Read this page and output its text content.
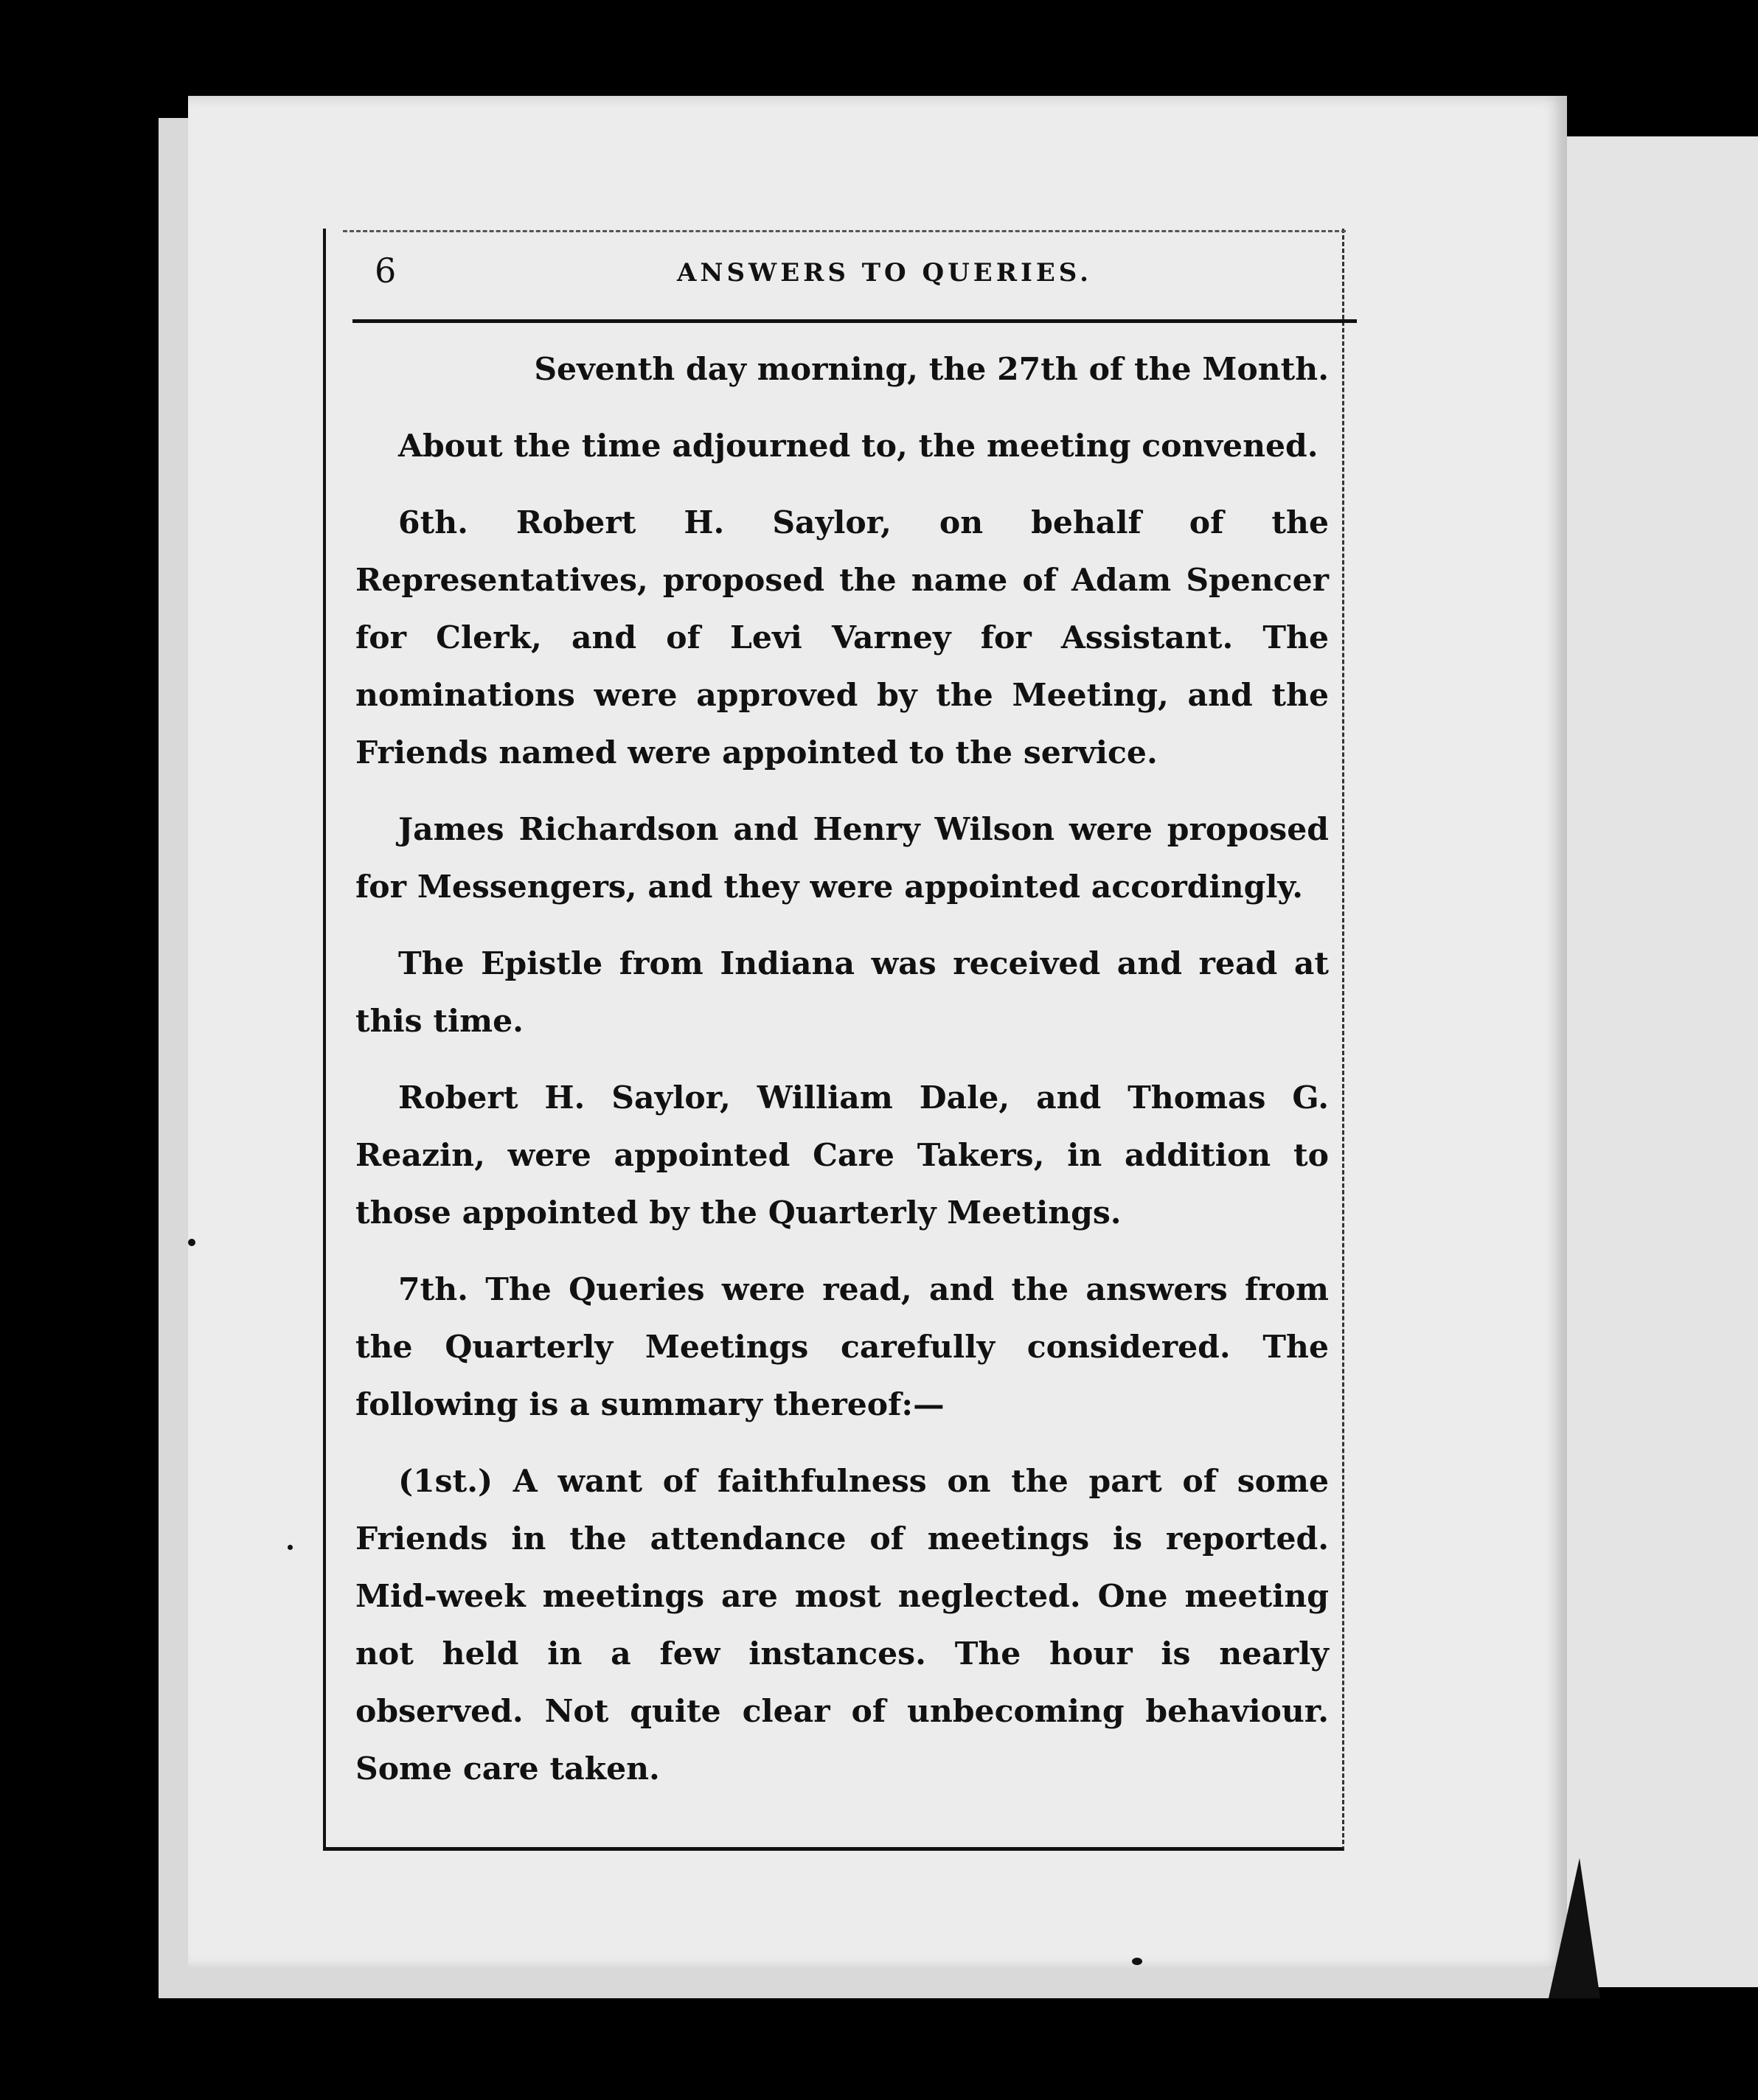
6	ANSWERS TO QUERIES.

Seventh day morning, the 27th of the Month.

About the time adjourned to, the meeting convened.

6th. Robert H. Saylor, on behalf of the Representatives, proposed the name of Adam Spencer for Clerk, and of Levi Varney for Assistant. The nominations were approved by the Meeting, and the Friends named were appointed to the service.

James Richardson and Henry Wilson were proposed for Messengers, and they were appointed accordingly.

The Epistle from Indiana was received and read at this time.

Robert H. Saylor, William Dale, and Thomas G. Reazin, were appointed Care Takers, in addition to those appointed by the Quarterly Meetings.

7th. The Queries were read, and the answers from the Quarterly Meetings carefully considered. The following is a summary thereof:—

(1st.) A want of faithfulness on the part of some Friends in the attendance of meetings is reported. Mid-week meetings are most neglected. One meeting not held in a few instances. The hour is nearly observed. Not quite clear of unbecoming behaviour. Some care taken.
